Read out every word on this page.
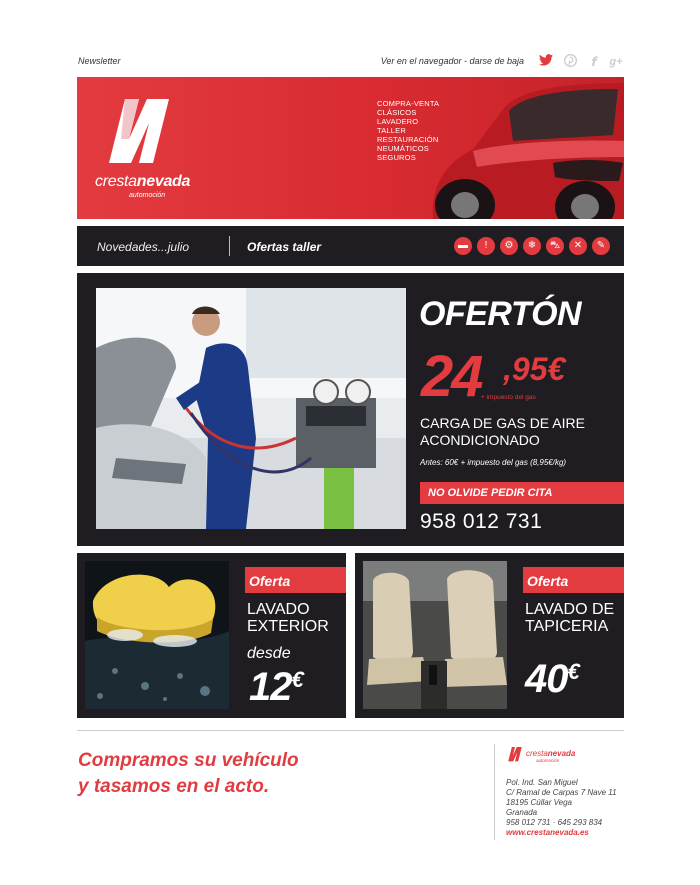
Newsletter	Ver en el navegador - darse de baja	f	g+
crestanevada
automoción
COMPRA-VENTA
CLÁSICOS
LAVADERO
TALLER
RESTAURACIÓN
NEUMÁTICOS
SEGUROS
Novedades...julio	Ofertas taller	▬	!	⚙	❄	⛍	✕	✎
OFERTÓN
24 ,95€
+ impuesto del gas
CARGA DE GAS DE AIRE ACONDICIONADO
Antes: 60€ + impuesto del gas (8,95€/kg)
NO OLVIDE PEDIR CITA
958 012 731
Oferta
LAVADO EXTERIOR
desde
12€
Oferta
LAVADO DE TAPICERIA
40€
Compramos su vehículo
y tasamos en el acto.
crestanevada
automoción
Pol. Ind. San Miguel
C/ Ramal de Carpas 7 Nave 11
18195 Cúllar Vega
Granada
958 012 731 · 645 293 834
www.crestanevada.es
